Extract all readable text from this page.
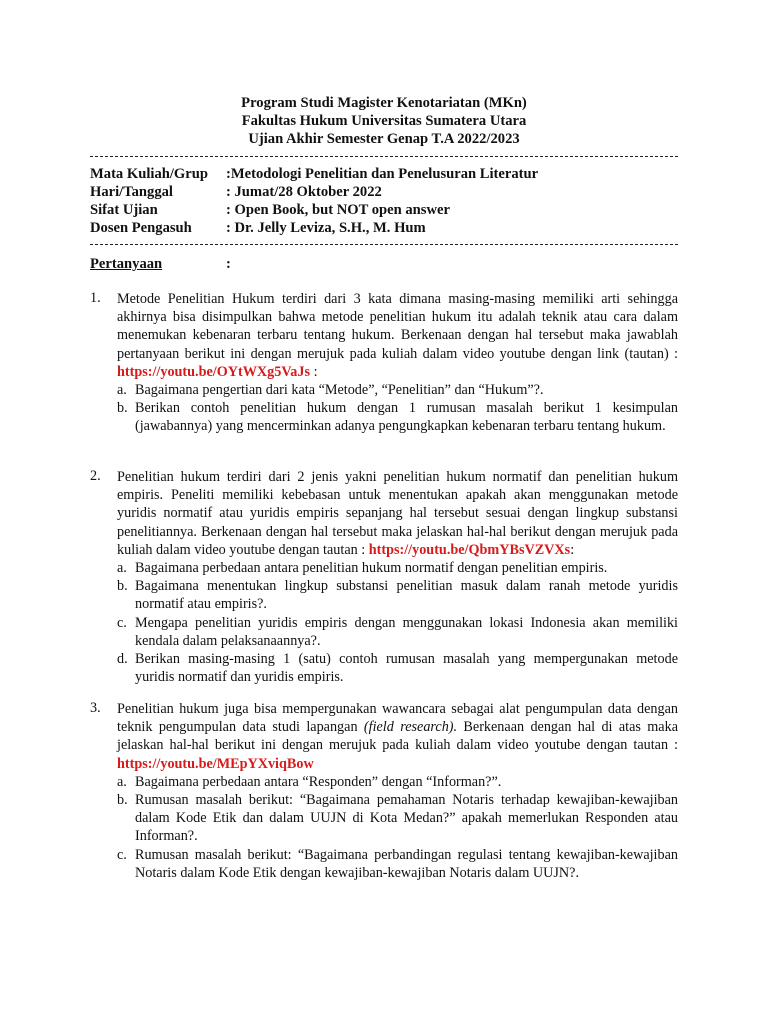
Program Studi Magister Kenotariatan (MKn)
Fakultas Hukum Universitas Sumatera Utara
Ujian Akhir Semester Genap T.A 2022/2023
Mata Kuliah/Grup :Metodologi Penelitian dan Penelusuran Literatur
Hari/Tanggal	: Jumat/28 Oktober 2022
Sifat Ujian	: Open Book, but NOT open answer
Dosen Pengasuh : Dr. Jelly Leviza, S.H., M. Hum
Pertanyaan	:
1.	Metode Penelitian Hukum terdiri dari 3 kata dimana masing-masing memiliki arti sehingga akhirnya bisa disimpulkan bahwa metode penelitian hukum itu adalah teknik atau cara dalam menemukan kebenaran terbaru tentang hukum. Berkenaan dengan hal tersebut maka jawablah pertanyaan berikut ini dengan merujuk pada kuliah dalam video youtube dengan link (tautan) : https://youtu.be/OYtWXg5VaJs :
a. Bagaimana pengertian dari kata “Metode”, “Penelitian” dan “Hukum”?.
b. Berikan contoh penelitian hukum dengan 1 rumusan masalah berikut 1 kesimpulan (jawabannya) yang mencerminkan adanya pengungkapkan kebenaran terbaru tentang hukum.
2.	Penelitian hukum terdiri dari 2 jenis yakni penelitian hukum normatif dan penelitian hukum empiris. Peneliti memiliki kebebasan untuk menentukan apakah akan menggunakan metode yuridis normatif atau yuridis empiris sepanjang hal tersebut sesuai dengan lingkup substansi penelitiannya. Berkenaan dengan hal tersebut maka jelaskan hal-hal berikut dengan merujuk pada kuliah dalam video youtube dengan tautan : https://youtu.be/QbmYBsVZVXs:
a. Bagaimana perbedaan antara penelitian hukum normatif dengan penelitian empiris.
b. Bagaimana menentukan lingkup substansi penelitian masuk dalam ranah metode yuridis normatif atau empiris?.
c. Mengapa penelitian yuridis empiris dengan menggunakan lokasi Indonesia akan memiliki kendala dalam pelaksanaannya?.
d. Berikan masing-masing 1 (satu) contoh rumusan masalah yang mempergunakan metode yuridis normatif dan yuridis empiris.
3.	Penelitian hukum juga bisa mempergunakan wawancara sebagai alat pengumpulan data dengan teknik pengumpulan data studi lapangan (field research). Berkenaan dengan hal di atas maka jelaskan hal-hal berikut ini dengan merujuk pada kuliah dalam video youtube dengan tautan : https://youtu.be/MEpYXviqBow
a. Bagaimana perbedaan antara “Responden” dengan “Informan?”.
b. Rumusan masalah berikut: “Bagaimana pemahaman Notaris terhadap kewajiban-kewajiban dalam Kode Etik dan dalam UUJN di Kota Medan?” apakah memerlukan Responden atau Informan?.
c. Rumusan masalah berikut: “Bagaimana perbandingan regulasi tentang kewajiban-kewajiban Notaris dalam Kode Etik dengan kewajiban-kewajiban Notaris dalam UUJN?.
